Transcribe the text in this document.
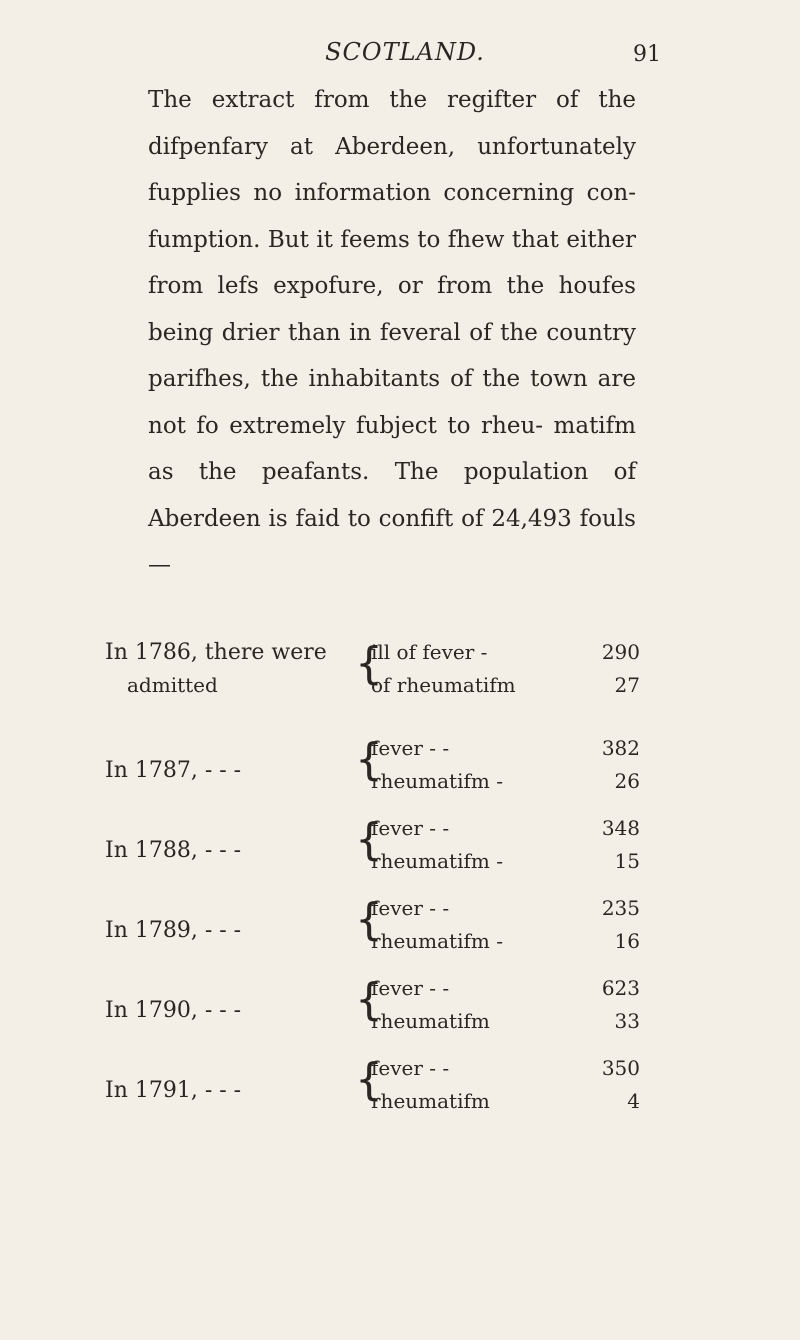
SCOTLAND.	91
The extract from the regifter of the difpenfary at Aberdeen, unfortunately fupplies no information concerning con- fumption. But it feems to fhew that either from lefs expofure, or from the houfes being drier than in feveral of the country parifhes, the inhabitants of the town are not fo extremely fubject to rheu- matifm as the peafants. The population of Aberdeen is faid to confift of 24,493 fouls—
In 1786, there were
admitted	{
ill of fever -	290
of rheumatifm	27
In 1787, - - -	{
fever - -	382
rheumatifm -	26
In 1788, - - -	{
fever - -	348
rheumatifm -	15
In 1789, - - -	{
fever - -	235
rheumatifm -	16
In 1790, - - -	{
fever - -	623
rheumatifm	33
In 1791, - - -	{
fever - -	350
rheumatifm	4
